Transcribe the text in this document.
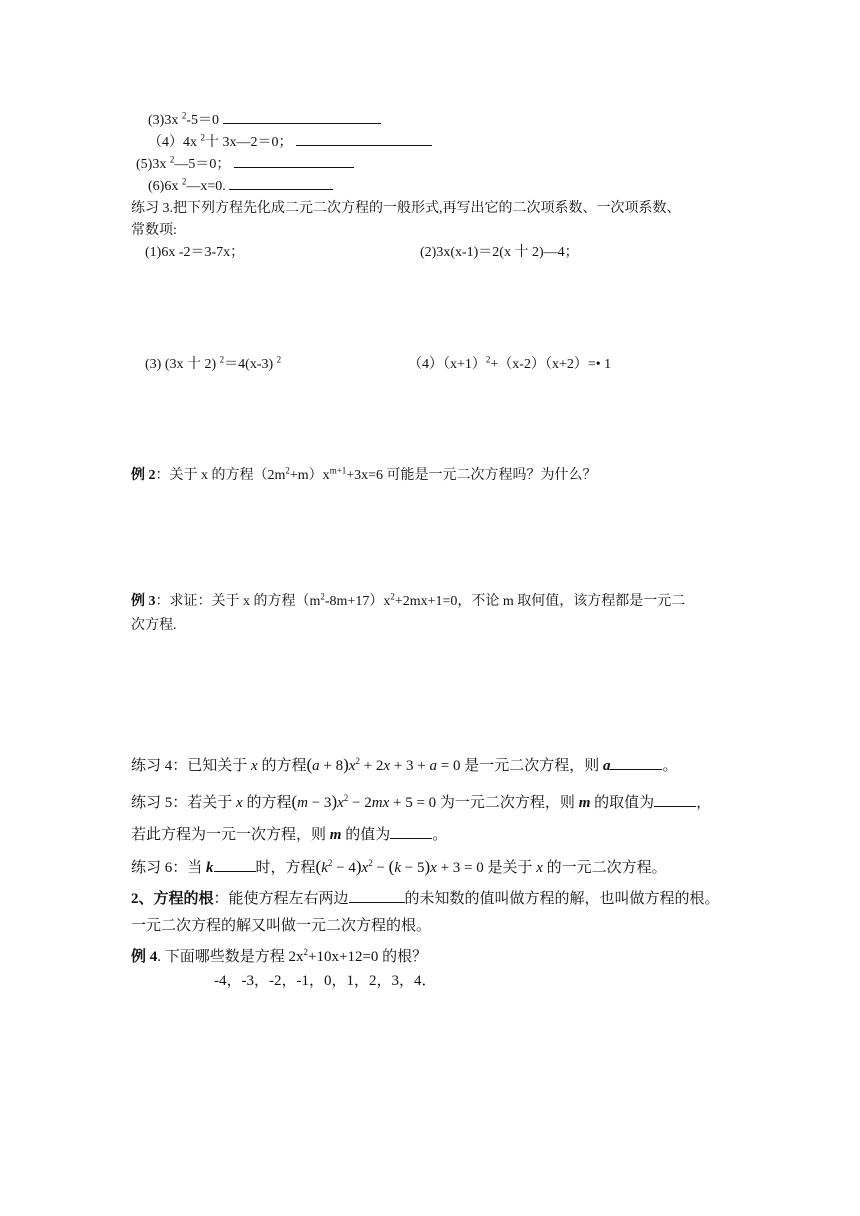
(3)3x $^2$-5＝0
（4）4x $^2$十 3x—2＝0；
(5)3x $^2$—5＝0；
(6)6x $^2$—x=0.
练习 3.把下列方程先化成二元二次方程的一般形式,再写出它的二次项系数、一次项系数、
常数项:
(1)6x -2＝3-7x；	(2)3x(x-1)＝2(x 十 2)—4；
(3) (3x 十 2) $^2$＝4(x-3) $^2$	$(4)(x+1)^2+(x-2)(x+2)=•$ 1
例 2：关于 x 的方程$(2m^2+m)x^{m+1}+3x=6$ 可能是一元二次方程吗？为什么？
例 3：求证：关于 x 的方程$(m^2-8m+17)x^2+2mx+1=0$，不论 m 取何值，该方程都是一元二
次方程.
练习 4：已知关于 x 的方程$(a + 8)x^2 + 2x + 3 + a = 0$ 是一元二次方程，则 a	。
练习 5：若关于 x 的方程$(m - 3)x^2 - 2mx + 5 = 0$ 为一元二次方程，则 m 的取值为	，
若此方程为一元一次方程，则 m 的值为	。
练习 6：当 k	时，方程$(k^2 - 4)x^2 - (k - 5)x + 3 = 0$ 是关于 x 的一元二次方程。
2、方程的根：能使方程左右两边	的未知数的值叫做方程的解，也叫做方程的根。
一元二次方程的解又叫做一元二次方程的根。
例 4. 下面哪些数是方程 $2x^2+10x+12=0$ 的根？
-4，-3，-2，-1，0，1，2，3，4．
